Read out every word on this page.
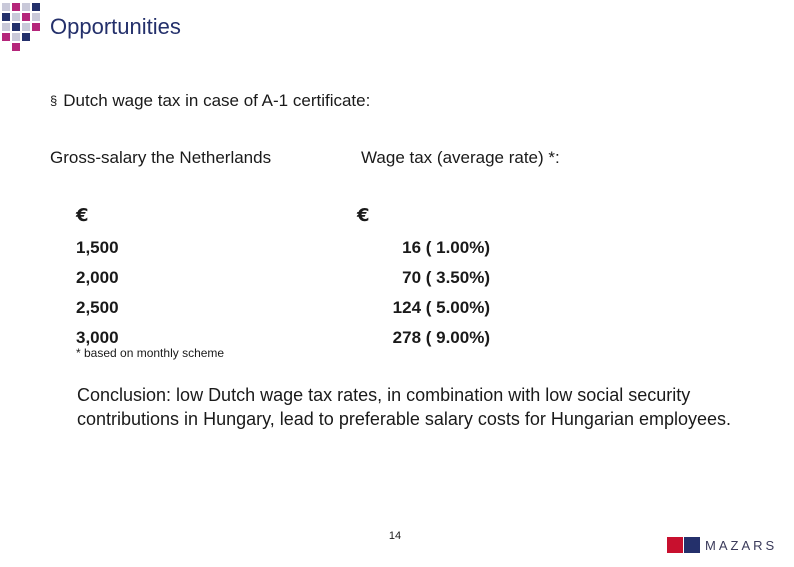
Opportunities
§ Dutch wage tax in case of A-1 certificate:
Gross-salary the Netherlands	Wage tax (average rate) *:
€	€
1,500
2,000
2,500
3,000
16 ( 1.00%)
70 ( 3.50%)
124 ( 5.00%)
278 ( 9.00%)
* based on monthly scheme
Conclusion: low Dutch wage tax rates, in combination with low social security contributions in Hungary, lead to preferable salary costs for Hungarian employees.
14
MAZARS
